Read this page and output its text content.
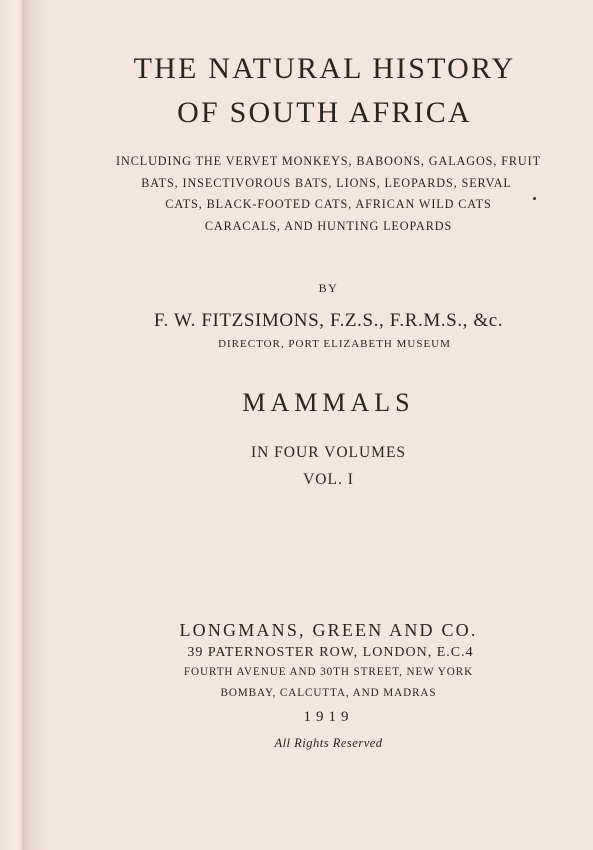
THE NATURAL HISTORY
OF SOUTH AFRICA
INCLUDING THE VERVET MONKEYS, BABOONS, GALAGOS, FRUIT
BATS, INSECTIVOROUS BATS, LIONS, LEOPARDS, SERVAL
CATS, BLACK-FOOTED CATS, AFRICAN WILD CATS
CARACALS, AND HUNTING LEOPARDS
BY
F. W. FITZSIMONS, F.Z.S., F.R.M.S., &c.
DIRECTOR, PORT ELIZABETH MUSEUM
MAMMALS
IN FOUR VOLUMES
VOL. I
LONGMANS, GREEN AND CO.
39 PATERNOSTER ROW, LONDON, E.C.4
FOURTH AVENUE AND 30TH STREET, NEW YORK
BOMBAY, CALCUTTA, AND MADRAS
1919
All Rights Reserved
